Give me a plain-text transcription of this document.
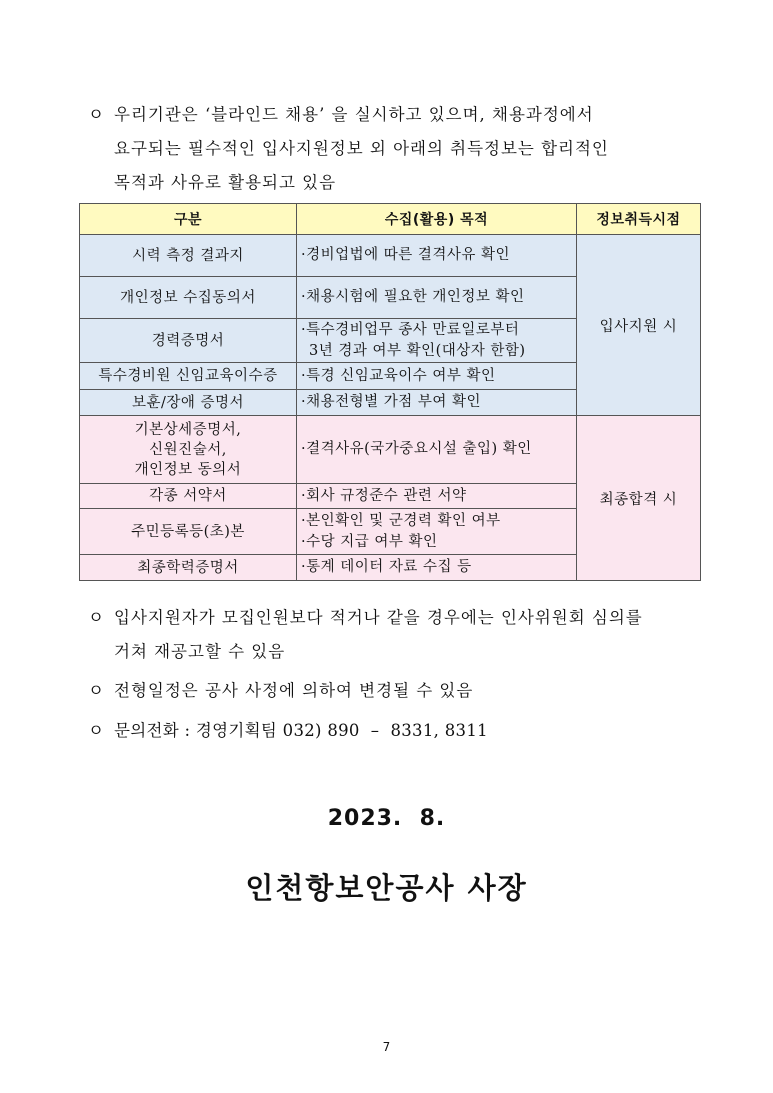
ㅇ 우리기관은 ‘블라인드 채용’ 을 실시하고 있으며, 채용과정에서
요구되는 필수적인 입사지원정보 외 아래의 취득정보는 합리적인
목적과 사유로 활용되고 있음
구분	수집(활용) 목적	정보취득시점
시력 측정 결과지	·경비업법에 따른 결격사유 확인	입사지원 시
개인정보 수집동의서	·채용시험에 필요한 개인정보 확인	
경력증명서	·특수경비업무 종사 만료일로부터
3년 경과 여부 확인(대상자 한함)	

특수경비원 신임교육이수증	·특경 신임교육이수 여부 확인	
보훈/장애 증명서	·채용전형별 가점 부여 확인	

기본상세증명서,
신원진술서,
개인정보 동의서	·결격사유(국가중요시설 출입) 확인	최종합격 시
각종 서약서	·회사 규정준수 관련 서약	
주민등록등(초)본	·본인확인 및 군경력 확인 여부
·수당 지급 여부 확인	

최종학력증명서	·통계 데이터 자료 수집 등	
ㅇ 입사지원자가 모집인원보다 적거나 같을 경우에는 인사위원회 심의를
거쳐 재공고할 수 있음
ㅇ 전형일정은 공사 사정에 의하여 변경될 수 있음
ㅇ 문의전화 : 경영기획팀 032) 890  –  8331, 8311
2023.  8.
인천항보안공사 사장
7
